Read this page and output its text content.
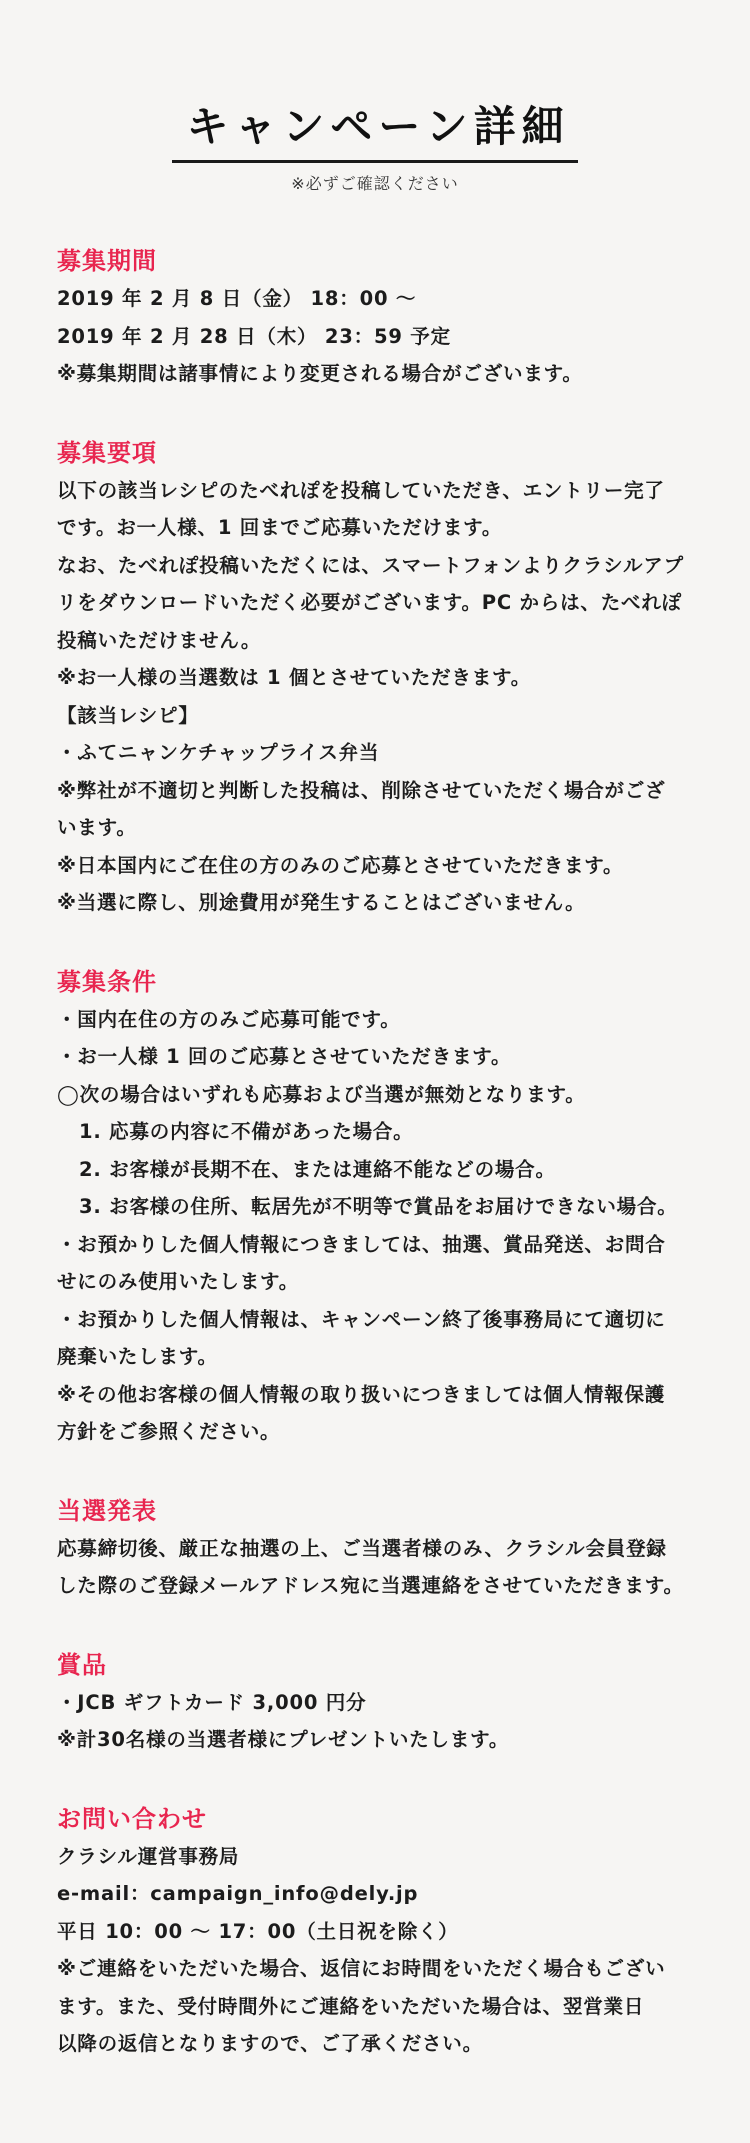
キャンペーン詳細
※必ずご確認ください
募集期間

2019 年 2 月 8 日（金） 18：00 〜

2019 年 2 月 28 日（木） 23：59 予定

※募集期間は諸事情により変更される場合がございます。

募集要項

以下の該当レシピのたべれぽを投稿していただき、エントリー完了

です。お一人様、1 回までご応募いただけます。

なお、たべれぽ投稿いただくには、スマートフォンよりクラシルアプ

リをダウンロードいただく必要がございます。PC からは、たべれぽ

投稿いただけません。

※お一人様の当選数は 1 個とさせていただきます。

【該当レシピ】

・ふてニャンケチャップライス弁当

※弊社が不適切と判断した投稿は、削除させていただく場合がござ

います。

※日本国内にご在住の方のみのご応募とさせていただきます。

※当選に際し、別途費用が発生することはございません。

募集条件

・国内在住の方のみご応募可能です。

・お一人様 1 回のご応募とさせていただきます。

◯次の場合はいずれも応募および当選が無効となります。

1. 応募の内容に不備があった場合。

2. お客様が長期不在、または連絡不能などの場合。

3. お客様の住所、転居先が不明等で賞品をお届けできない場合。

・お預かりした個人情報につきましては、抽選、賞品発送、お問合

せにのみ使用いたします。

・お預かりした個人情報は、キャンペーン終了後事務局にて適切に

廃棄いたします。

※その他お客様の個人情報の取り扱いにつきましては個人情報保護

方針をご参照ください。

当選発表

応募締切後、厳正な抽選の上、ご当選者様のみ、クラシル会員登録

した際のご登録メールアドレス宛に当選連絡をさせていただきます。

賞品

・JCB ギフトカード 3,000 円分

※計30名様の当選者様にプレゼントいたします。

お問い合わせ

クラシル運営事務局

e-mail：campaign_info@dely.jp

平日 10：00 〜 17：00（土日祝を除く）

※ご連絡をいただいた場合、返信にお時間をいただく場合もござい

ます。また、受付時間外にご連絡をいただいた場合は、翌営業日

以降の返信となりますので、ご了承ください。
